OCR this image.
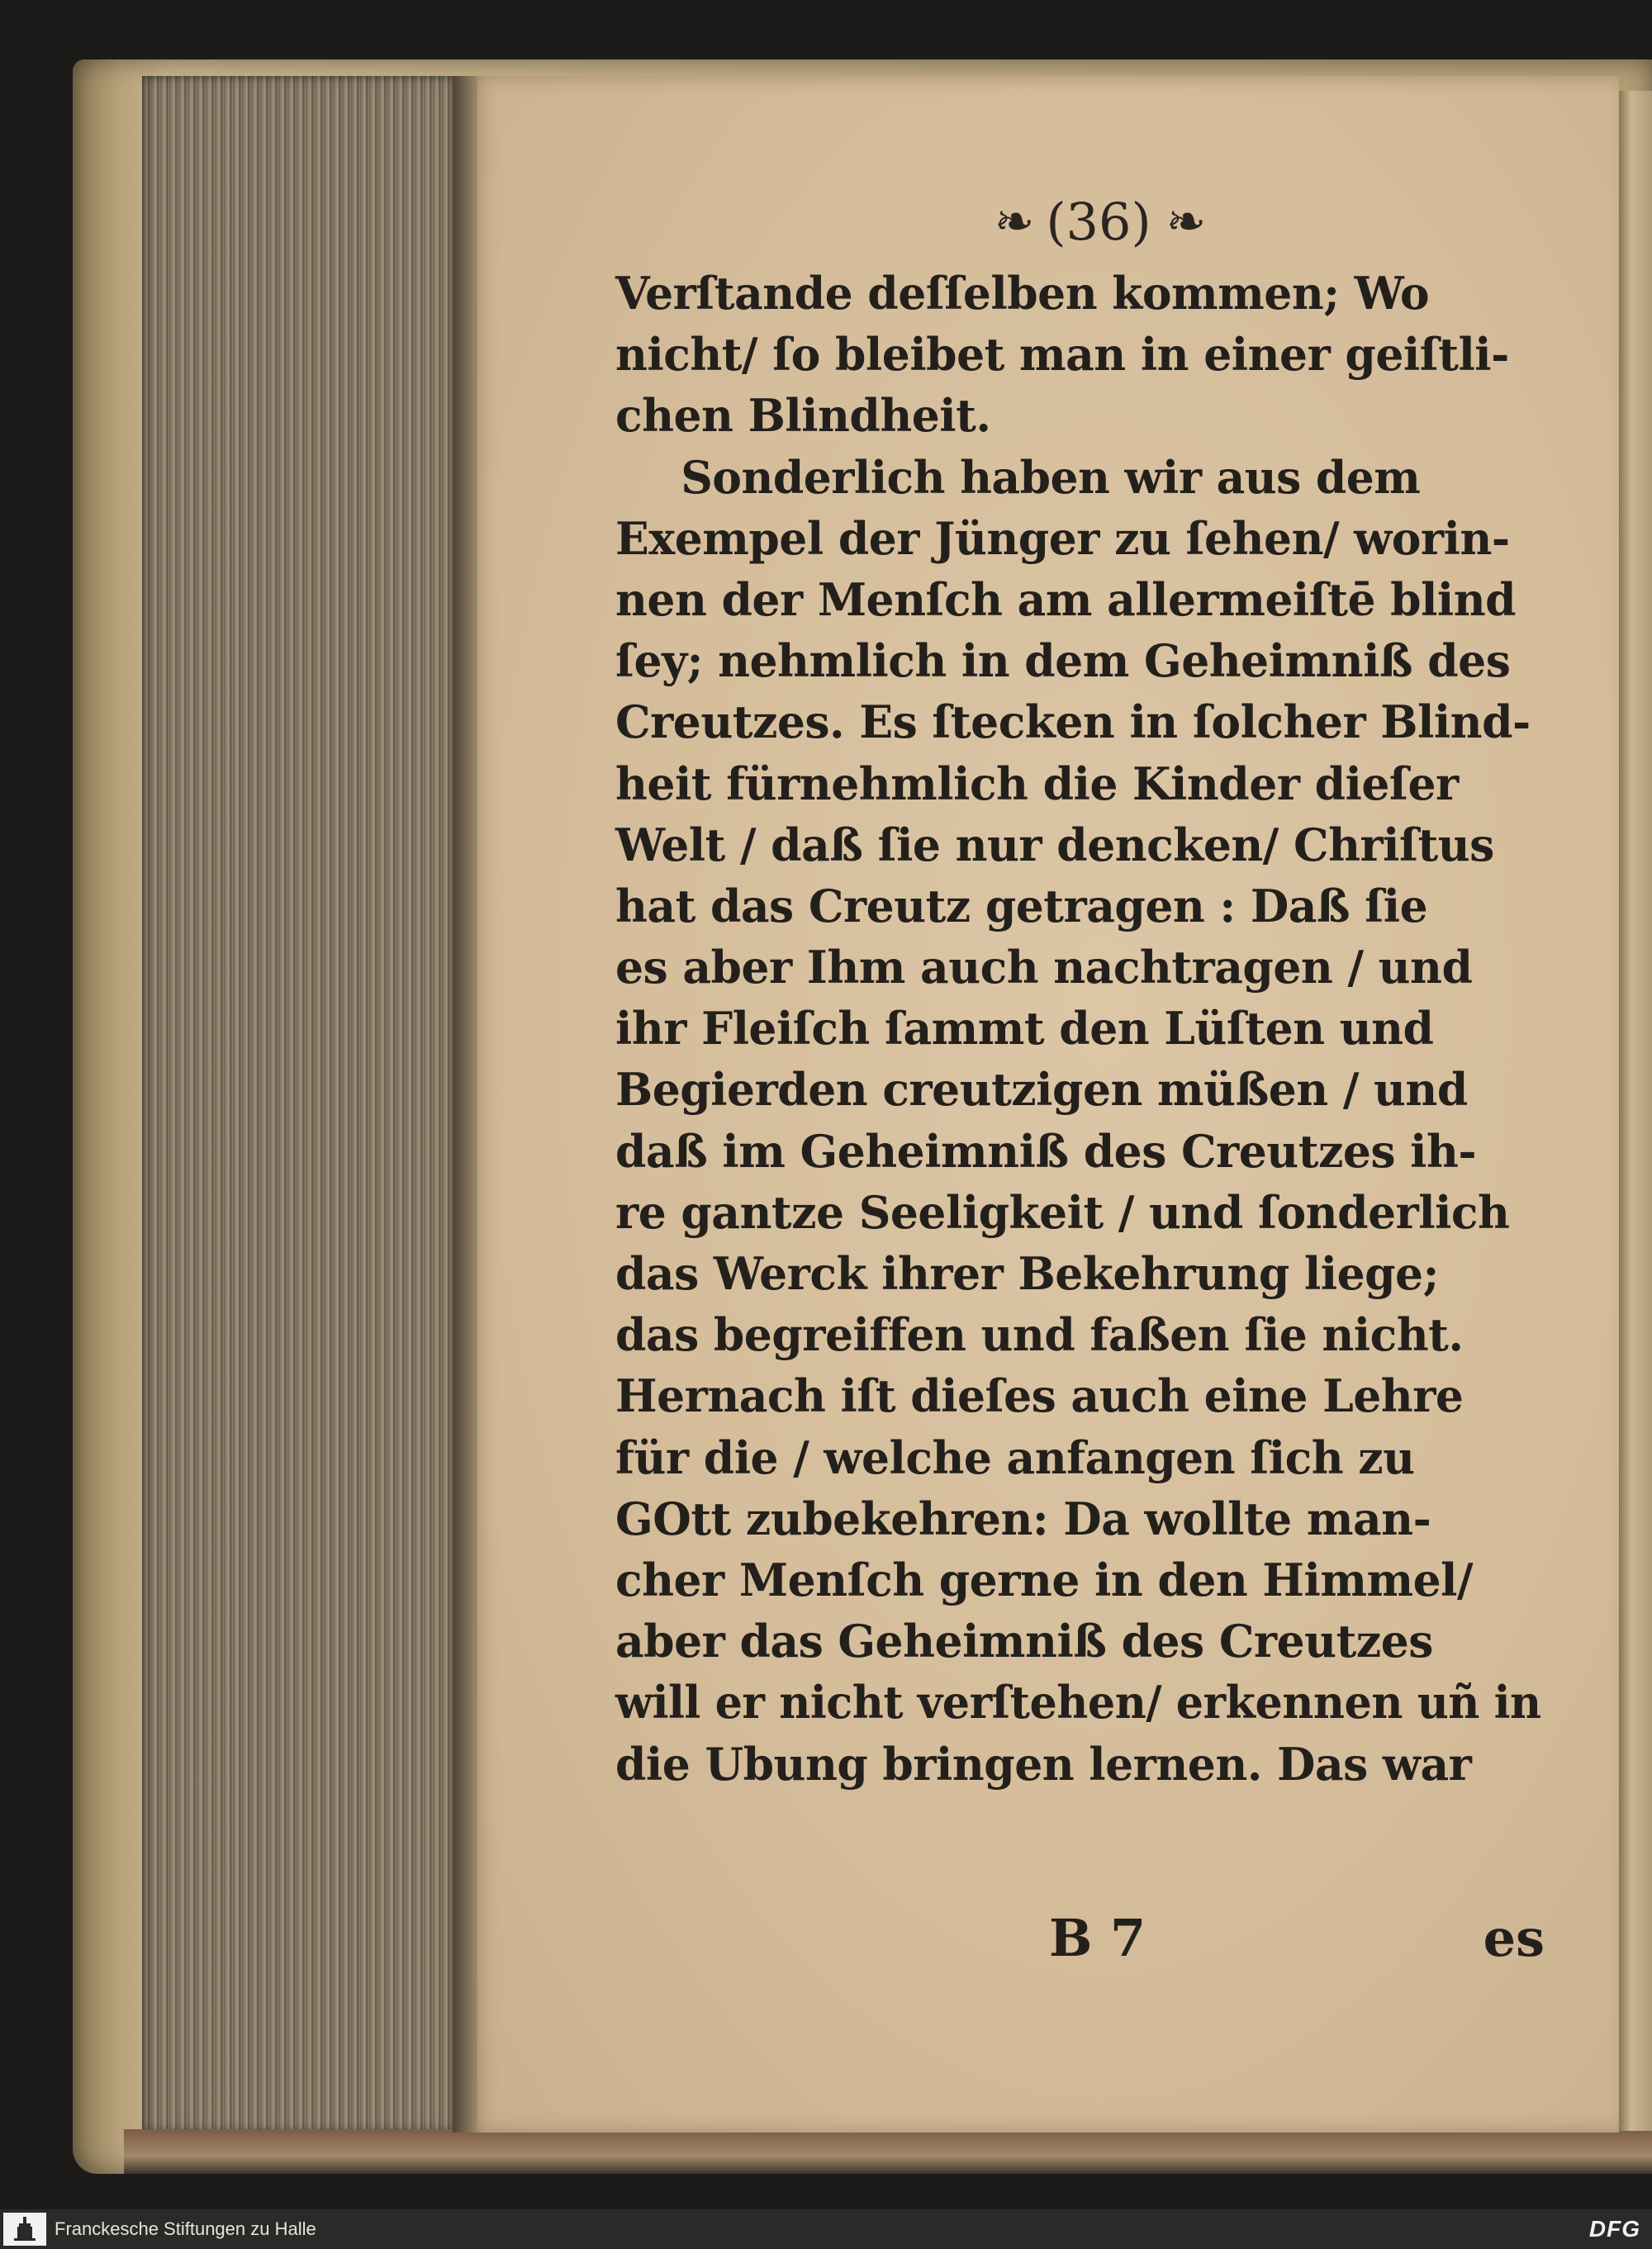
❧ (36) ❧
Verſtande deſſelben kommen; Wo
nicht/ ſo bleibet man in einer geiſtli-
chen Blindheit.
Sonderlich haben wir aus dem
Exempel der Jünger zu ſehen/ worin-
nen der Menſch am allermeiſtē blind
ſey; nehmlich in dem Geheimniß des
Creutzes. Es ſtecken in ſolcher Blind-
heit fürnehmlich die Kinder dieſer
Welt / daß ſie nur dencken/ Chriſtus
hat das Creutz getragen : Daß ſie
es aber Ihm auch nachtragen / und
ihr Fleiſch ſammt den Lüſten und
Begierden creutzigen müßen / und
daß im Geheimniß des Creutzes ih-
re gantze Seeligkeit / und ſonderlich
das Werck ihrer Bekehrung liege;
das begreiffen und faßen ſie nicht.
Hernach iſt dieſes auch eine Lehre
für die / welche anfangen ſich zu
GOtt zubekehren: Da wollte man-
cher Menſch gerne in den Himmel/
aber das Geheimniß des Creutzes
will er nicht verſtehen/ erkennen uñ in
die Ubung bringen lernen. Das war
B 7	es
Franckesche Stiftungen zu Halle	DFG
